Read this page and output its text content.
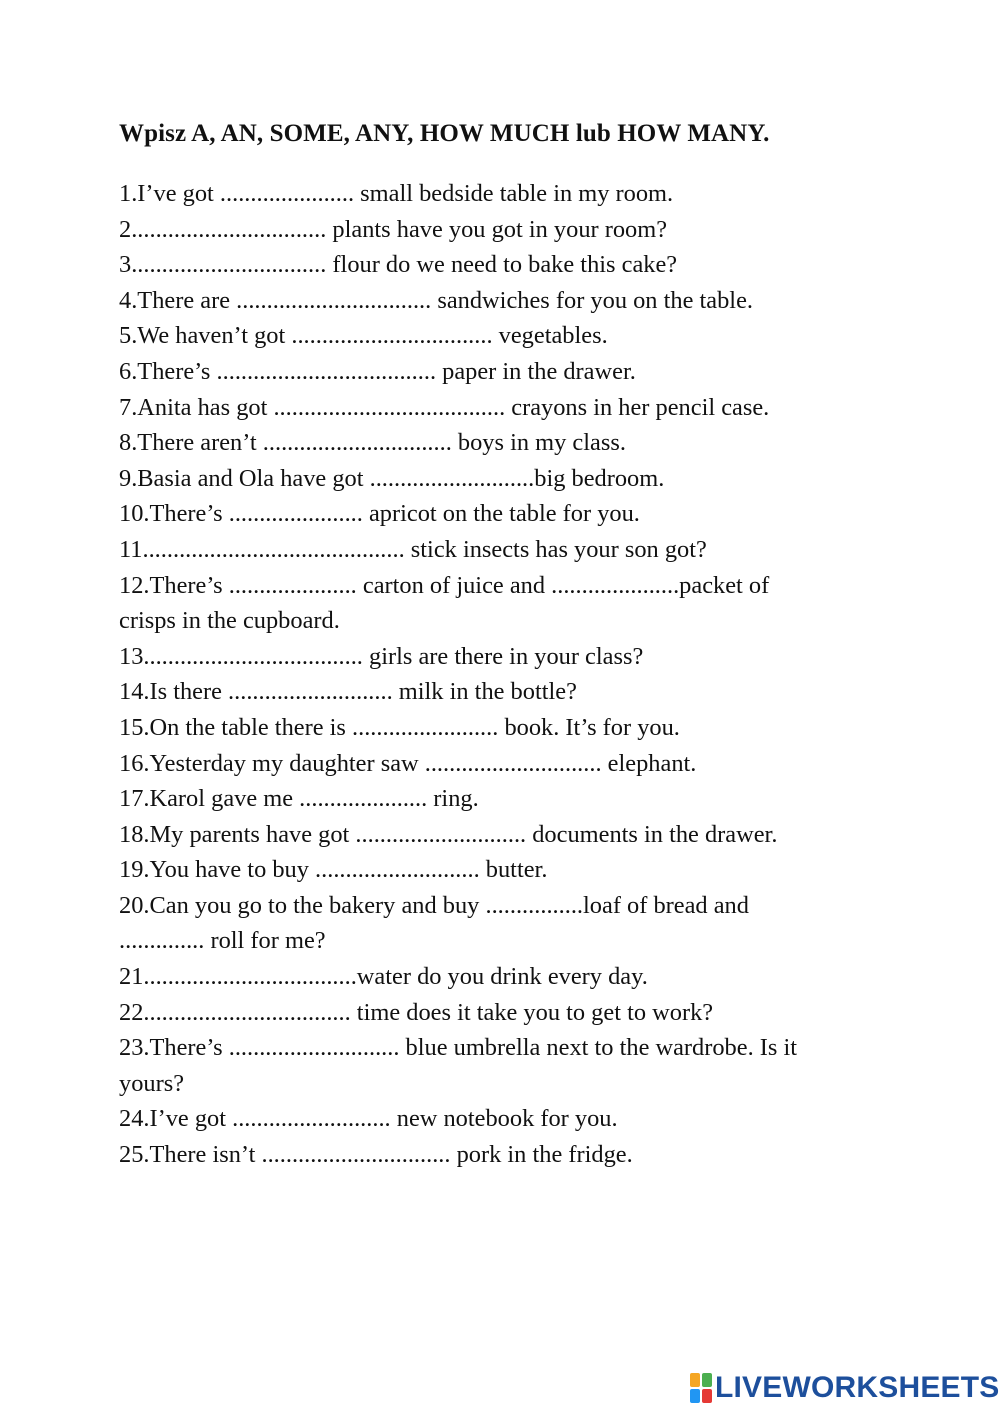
Wpisz A, AN, SOME, ANY, HOW MUCH lub HOW MANY.
1.I’ve got ...................... small bedside table in my room.
2................................ plants have you got in your room?
3................................ flour do we need to bake this cake?
4.There are ................................ sandwiches for you on the table.
5.We haven’t got ................................. vegetables.
6.There’s .................................... paper in the drawer.
7.Anita has got ...................................... crayons in her pencil case.
8.There aren’t ............................... boys in my class.
9.Basia and Ola have got ...........................big bedroom.
10.There’s ...................... apricot on the table for you.
11........................................... stick insects has your son got?
12.There’s ..................... carton of juice and .....................packet of
crisps in the cupboard.
13.................................... girls are there in your class?
14.Is there ........................... milk in the bottle?
15.On the table there is ........................ book. It’s for you.
16.Yesterday my daughter saw ............................. elephant.
17.Karol gave me ..................... ring.
18.My parents have got ............................ documents in the drawer.
19.You have to buy ........................... butter.
20.Can you go to the bakery and buy ................loaf of bread and
.............. roll for me?
21...................................water do you drink every day.
22.................................. time does it take you to get to work?
23.There’s ............................ blue umbrella next to the wardrobe. Is it
yours?
24.I’ve got .......................... new notebook for you.
25.There isn’t ............................... pork in the fridge.
LIVEWORKSHEETS
